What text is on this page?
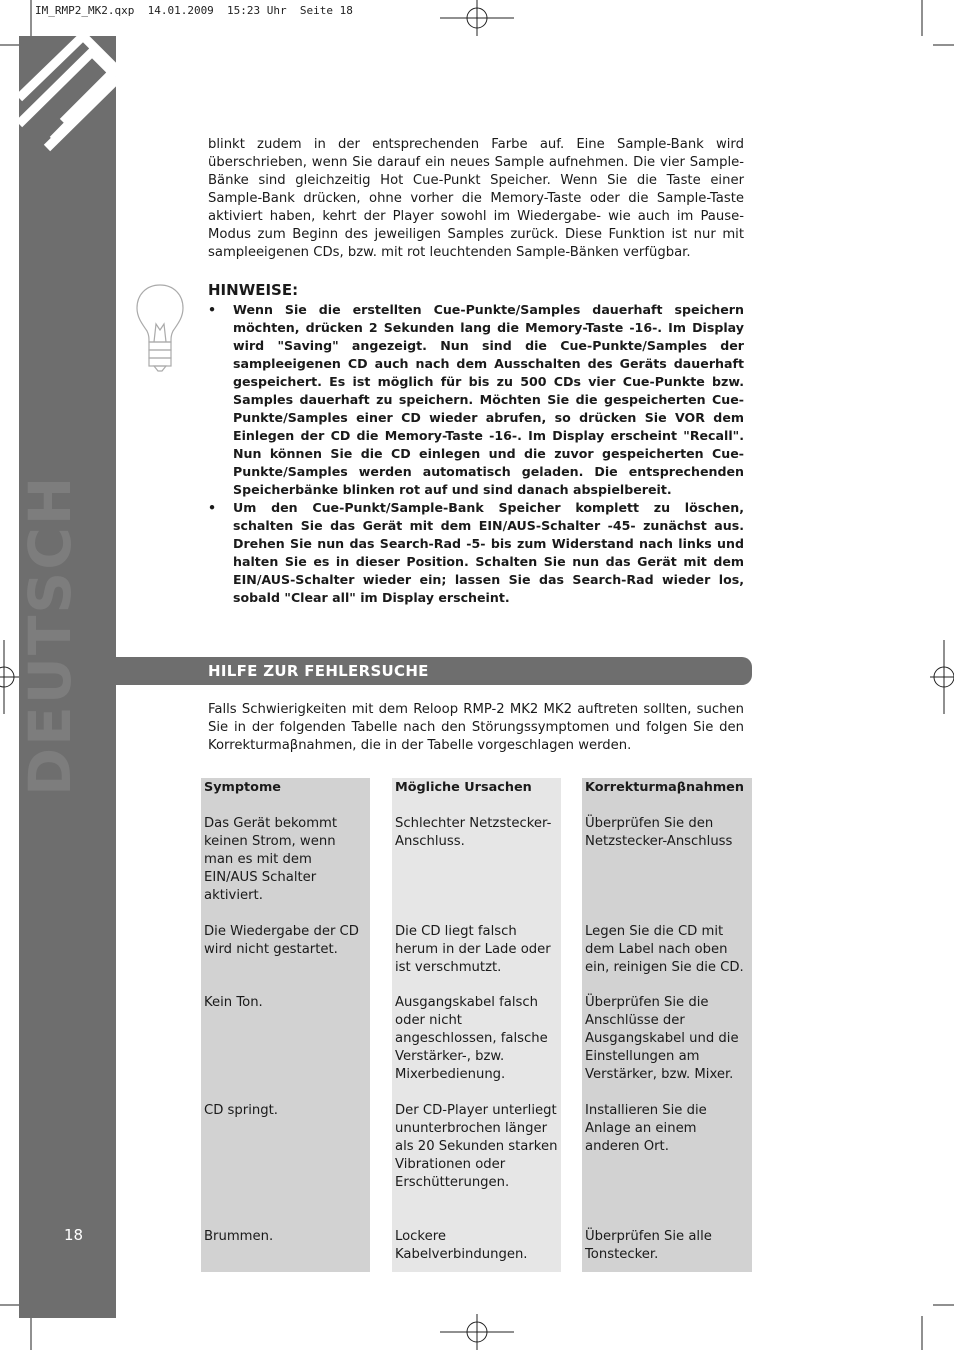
IM_RMP2_MK2.qxp  14.01.2009  15:23 Uhr  Seite 18
DEUTSCH
18
blinkt zudem in der entsprechenden Farbe auf. Eine Sample-Bank wird überschrieben, wenn Sie darauf ein neues Sample aufnehmen. Die vier Sample-Bänke sind gleichzeitig Hot Cue-Punkt Speicher. Wenn Sie die Taste einer Sample-Bank drücken, ohne vorher die Memory-Taste oder die Sample-Taste aktiviert haben, kehrt der Player sowohl im Wiedergabe- wie auch im Pause-Modus zum Beginn des jeweiligen Samples zurück. Diese Funktion ist nur mit sampleeigenen CDs, bzw. mit rot leuchtenden Sample-Bänken verfügbar.
HINWEISE:
• Wenn Sie die erstellten Cue-Punkte/Samples dauerhaft speichern möchten, drücken 2 Sekunden lang die Memory-Taste -16-. Im Display wird "Saving" angezeigt. Nun sind die Cue-Punkte/Samples der sampleeigenen CD auch nach dem Ausschalten des Geräts dauerhaft gespeichert. Es ist möglich für bis zu 500 CDs vier Cue-Punkte bzw. Samples dauerhaft zu speichern. Möchten Sie die gespeicherten Cue-Punkte/Samples einer CD wieder abrufen, so drücken Sie VOR dem Einlegen der CD die Memory-Taste -16-. Im Display erscheint "Recall". Nun können Sie die CD einlegen und die zuvor gespeicherten Cue-Punkte/Samples werden automatisch geladen. Die entsprechenden Speicherbänke blinken rot auf und sind danach abspielbereit.
• Um den Cue-Punkt/Sample-Bank Speicher komplett zu löschen, schalten Sie das Gerät mit dem EIN/AUS-Schalter -45- zunächst aus. Drehen Sie nun das Search-Rad -5- bis zum Widerstand nach links und halten Sie es in dieser Position. Schalten Sie nun das Gerät mit dem EIN/AUS-Schalter wieder ein; lassen Sie das Search-Rad wieder los, sobald "Clear all" im Display erscheint.
HILFE ZUR FEHLERSUCHE
Falls Schwierigkeiten mit dem Reloop RMP-2 MK2 MK2 auftreten sollten, suchen Sie in der folgenden Tabelle nach den Störungssymptomen und folgen Sie den Korrekturmaβnahmen, die in der Tabelle vorgeschlagen werden.
Symptome
Das Gerät bekommt keinen Strom, wenn man es mit dem EIN/AUS Schalter aktiviert.
Die Wiedergabe der CD wird nicht gestartet.
Kein Ton.
CD springt.
Brummen.
Mögliche Ursachen
Schlechter Netzstecker-Anschluss.
Die CD liegt falsch herum in der Lade oder ist verschmutzt.
Ausgangskabel falsch oder nicht angeschlossen, falsche Verstärker-, bzw. Mixerbedienung.
Der CD-Player unterliegt ununterbrochen länger als 20 Sekunden starken Vibrationen oder Erschütterungen.
Lockere Kabelverbindungen.
Korrekturmaβnahmen
Überprüfen Sie den Netzstecker-Anschluss
Legen Sie die CD mit dem Label nach oben ein, reinigen Sie die CD.
Überprüfen Sie die Anschlüsse der Ausgangskabel und die Einstellungen am Verstärker, bzw. Mixer.
Installieren Sie die Anlage an einem anderen Ort.
Überprüfen Sie alle Tonstecker.
